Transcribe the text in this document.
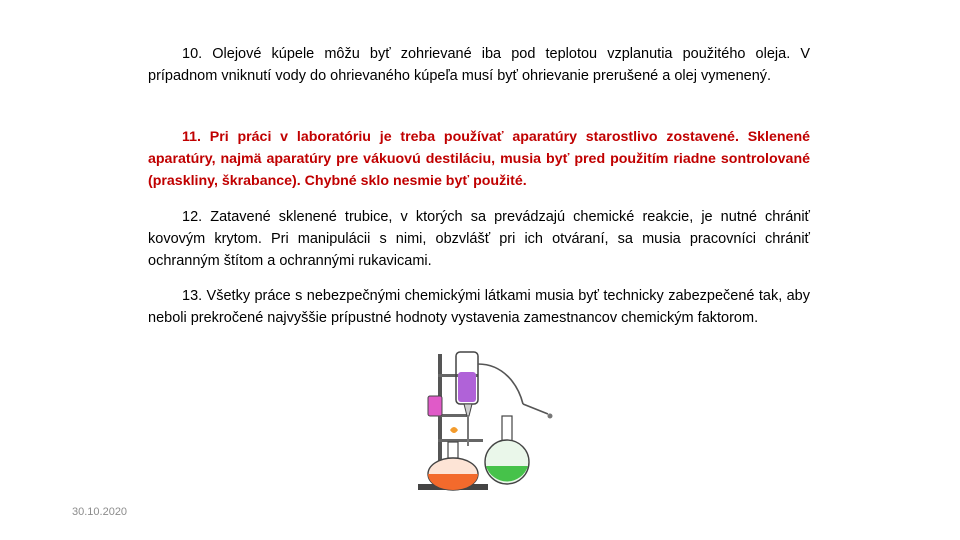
10. Olejové kúpele môžu byť zohrievané iba pod teplotou vzplanutia použitého oleja. V prípadnom vniknutí vody do ohrievaného kúpeľa musí byť ohrievanie prerušené a olej vymenený.
11. Pri práci v laboratóriu je treba používať aparatúry starostlivo zostavené. Sklenené aparatúry, najmä aparatúry pre vákuovú destiláciu, musia byť pred použitím riadne sontrolované (praskliny, škrabance). Chybné sklo nesmie byť použité.
12. Zatavené sklenené trubice, v ktorých sa prevádzajú chemické reakcie, je nutné chrániť kovovým krytom. Pri manipulácii s nimi, obzvlášť pri ich otváraní, sa musia pracovníci chrániť ochranným štítom a ochrannými rukavicami.
13. Všetky práce s nebezpečnými chemickými látkami musia byť technicky zabezpečené tak, aby neboli prekročené najvyššie prípustné hodnoty vystavenia zamestnancov chemickým faktorom.
30.10.2020
